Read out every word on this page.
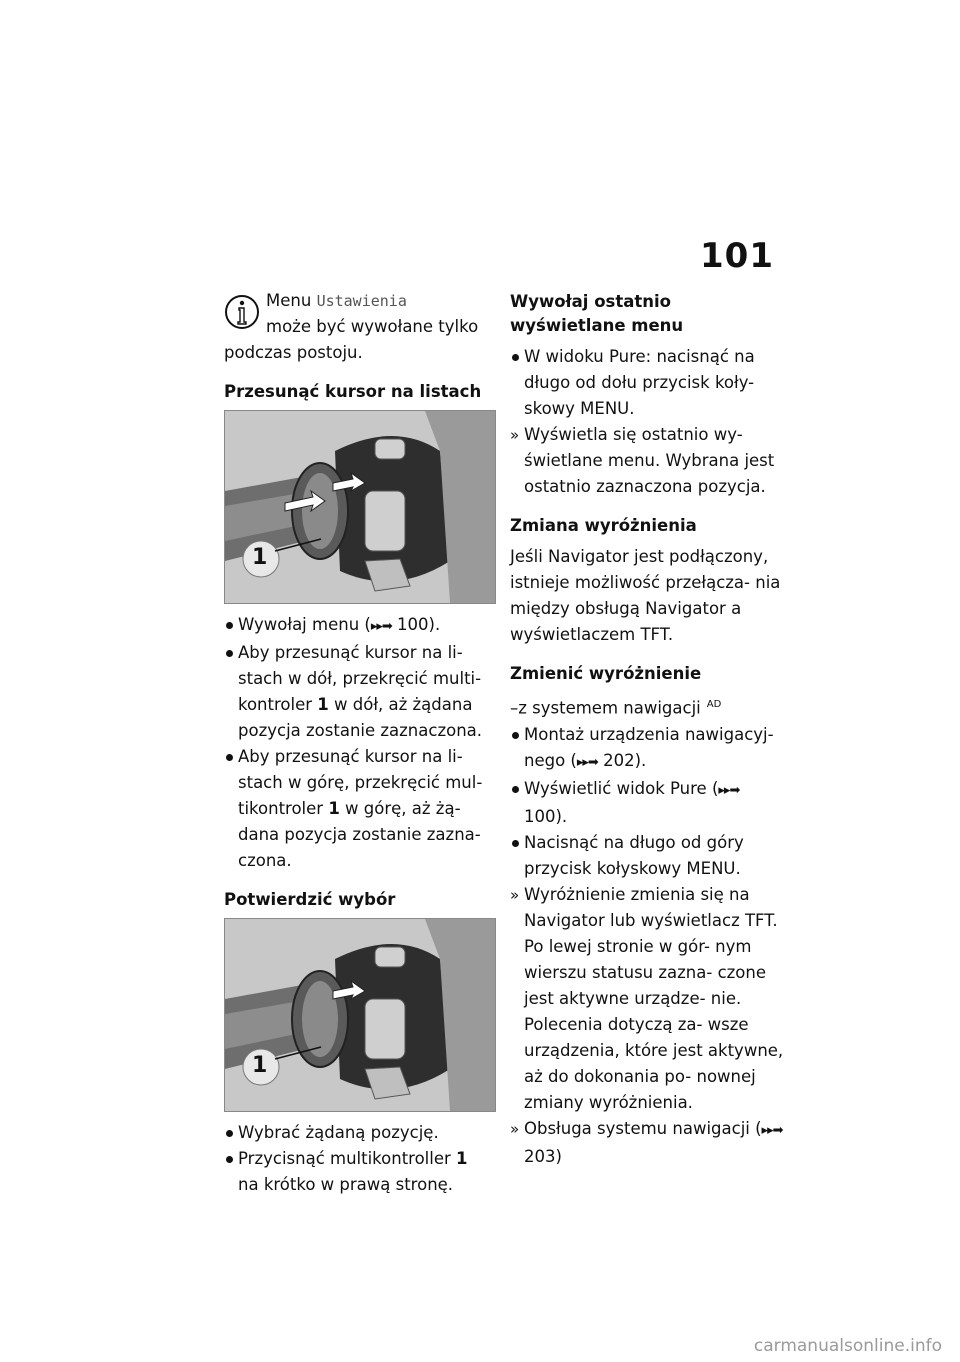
101
Menu Ustawienia
może być wywołane tylko
podczas postoju.
Przesunąć kursor na listach
1
Wywołaj menu (▸▸➡ 100).
Aby przesunąć kursor na li-
stach w dół, przekręcić multi-
kontroler 1 w dół, aż żądana
pozycja zostanie zaznaczona.
Aby przesunąć kursor na li-
stach w górę, przekręcić mul-
tikontroler 1 w górę, aż żą-
dana pozycja zostanie zazna-
czona.
Potwierdzić wybór
1
Wybrać żądaną pozycję.
Przycisnąć multikontroller 1
na krótko w prawą stronę.
Wywołaj ostatnio wyświetlane menu
W widoku Pure: nacisnąć na długo od dołu przycisk koły- skowy MENU.
» Wyświetla się ostatnio wy- świetlane menu. Wybrana jest ostatnio zaznaczona pozycja.
Zmiana wyróżnienia

Jeśli Navigator jest podłączony, istnieje możliwość przełącza- nia między obsługą Navigator a wyświetlaczem TFT.

Zmienić wyróżnienie
–z systemem nawigacji $^{AD}$
Montaż urządzenia nawigacyj- nego (▸▸➡ 202).
Wyświetlić widok Pure (▸▸➡ 100).
Nacisnąć na długo od góry przycisk kołyskowy MENU.
» Wyróżnienie zmienia się na Navigator lub wyświetlacz TFT. Po lewej stronie w gór- nym wierszu statusu zazna- czone jest aktywne urządze- nie. Polecenia dotyczą za- wsze urządzenia, które jest aktywne, aż do dokonania po- nownej zmiany wyróżnienia.
» Obsługa systemu nawigacji (▸▸➡ 203)
carmanualsonline.info
